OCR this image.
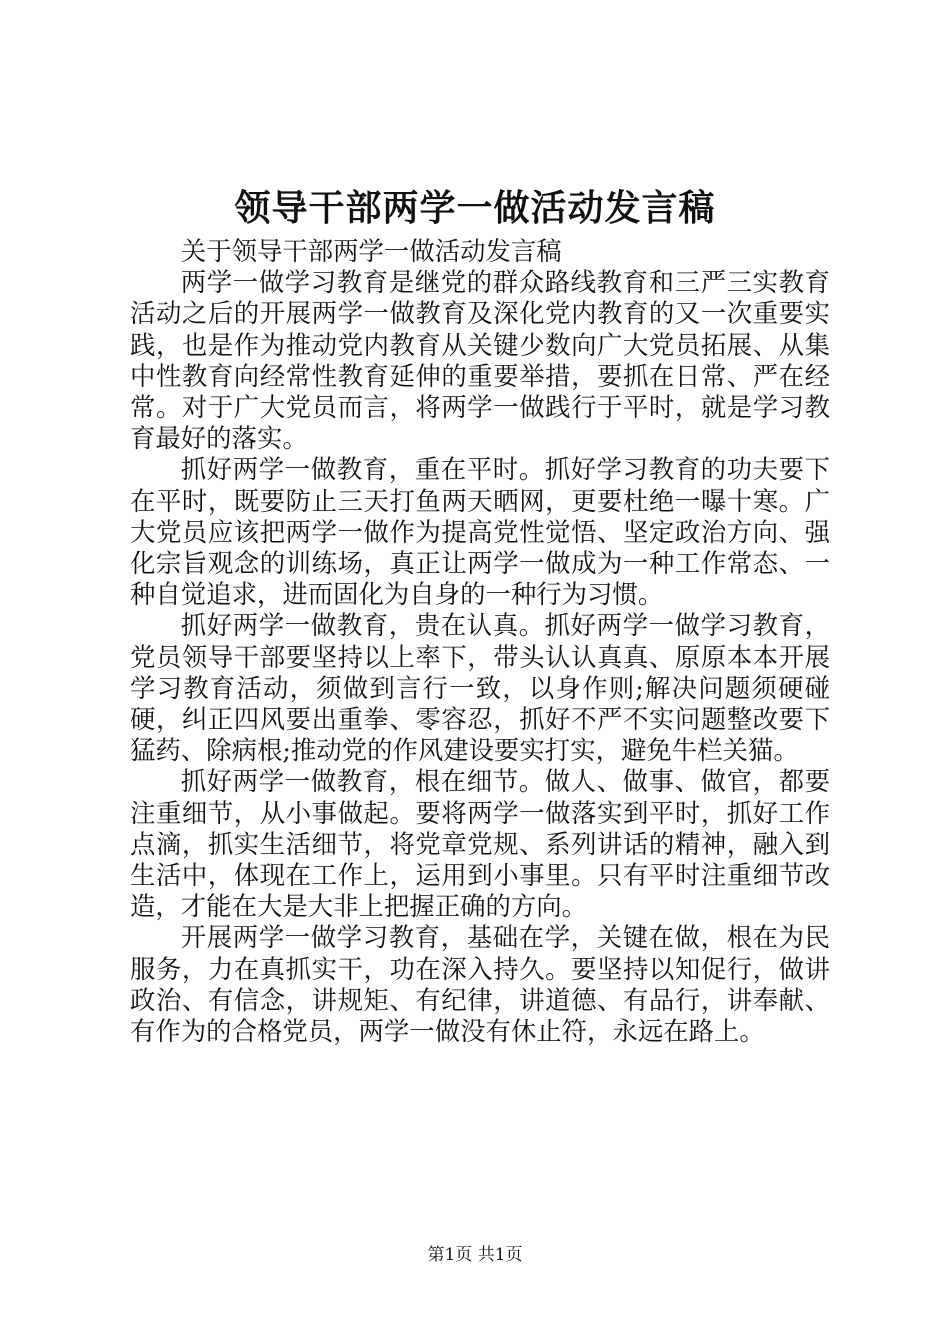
领导干部两学一做活动发言稿

关于领导干部两学一做活动发言稿

两学一做学习教育是继党的群众路线教育和三严三实教育活动之后的开展两学一做教育及深化党内教育的又一次重要实践，也是作为推动党内教育从关键少数向广大党员拓展、从集中性教育向经常性教育延伸的重要举措，要抓在日常、严在经常。对于广大党员而言，将两学一做践行于平时，就是学习教育最好的落实。

抓好两学一做教育，重在平时。抓好学习教育的功夫要下在平时，既要防止三天打鱼两天晒网，更要杜绝一曝十寒。广大党员应该把两学一做作为提高党性觉悟、坚定政治方向、强化宗旨观念的训练场，真正让两学一做成为一种工作常态、一种自觉追求，进而固化为自身的一种行为习惯。

抓好两学一做教育，贵在认真。抓好两学一做学习教育，党员领导干部要坚持以上率下，带头认认真真、原原本本开展学习教育活动，须做到言行一致，以身作则;解决问题须硬碰硬，纠正四风要出重拳、零容忍，抓好不严不实问题整改要下猛药、除病根;推动党的作风建设要实打实，避免牛栏关猫。

抓好两学一做教育，根在细节。做人、做事、做官，都要注重细节，从小事做起。要将两学一做落实到平时，抓好工作点滴，抓实生活细节，将党章党规、系列讲话的精神，融入到生活中，体现在工作上，运用到小事里。只有平时注重细节改造，才能在大是大非上把握正确的方向。

开展两学一做学习教育，基础在学，关键在做，根在为民服务，力在真抓实干，功在深入持久。要坚持以知促行，做讲政治、有信念，讲规矩、有纪律，讲道德、有品行，讲奉献、有作为的合格党员，两学一做没有休止符，永远在路上。

第1页 共1页
